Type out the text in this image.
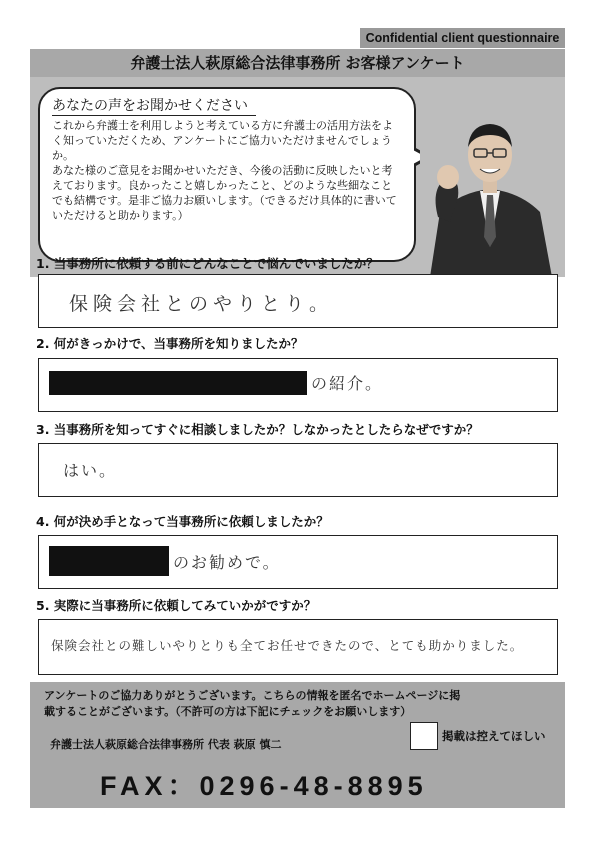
Confidential client questionnaire
弁護士法人萩原総合法律事務所 お客様アンケート
あなたの声をお聞かせください

これから弁護士を利用しようと考えている方に弁護士の活用方法をよく知っていただくため、アンケートにご協力いただけませんでしょうか。

あなた様のご意見をお聞かせいただき、今後の活動に反映したいと考えております。良かったこと嬉しかったこと、どのような些細なことでも結構です。是非ご協力お願いします。（できるだけ具体的に書いていただけると助かります。）

1. 当事務所に依頼する前にどんなことで悩んでいましたか？
保険会社とのやりとり。
2. 何がきっかけで、当事務所を知りましたか？
の紹介。
3. 当事務所を知ってすぐに相談しましたか？しなかったとしたらなぜですか？
はい。
4. 何が決め手となって当事務所に依頼しましたか？
のお勧めで。
5. 実際に当事務所に依頼してみていかがですか？
保険会社との難しいやりとりも全てお任せできたので、とても助かりました。
アンケートのご協力ありがとうございます。こちらの情報を匿名でホームページに掲載することがございます。（不許可の方は下記にチェックをお願いします）
掲載は控えてほしい
弁護士法人萩原総合法律事務所 代表 萩原 慎二
FAX：0296-48-8895
